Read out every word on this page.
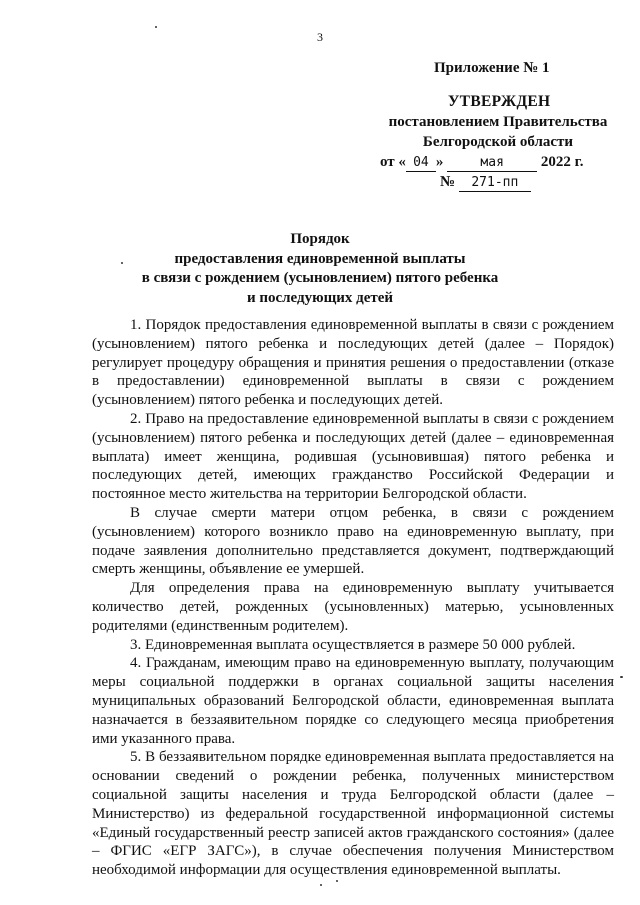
3
Приложение № 1
УТВЕРЖДЕН
постановлением Правительства
Белгородской области
от « 04 »	мая 2022 г.
№ 271-пп
Порядок
предоставления единовременной выплаты
в связи с рождением (усыновлением) пятого ребенка
и последующих детей

1. Порядок предоставления единовременной выплаты в связи с рождением (усыновлением) пятого ребенка и последующих детей (далее – Порядок) регулирует процедуру обращения и принятия решения о предоставлении (отказе в предоставлении) единовременной выплаты в связи с рождением (усыновлением) пятого ребенка и последующих детей.

2. Право на предоставление единовременной выплаты в связи с рождением (усыновлением) пятого ребенка и последующих детей (далее – единовременная выплата) имеет женщина, родившая (усыновившая) пятого ребенка и последующих детей, имеющих гражданство Российской Федерации и постоянное место жительства на территории Белгородской области.

В случае смерти матери отцом ребенка, в связи с рождением (усыновлением) которого возникло право на единовременную выплату, при подаче заявления дополнительно представляется документ, подтверждающий смерть женщины, объявление ее умершей.

Для определения права на единовременную выплату учитывается количество детей, рожденных (усыновленных) матерью, усыновленных родителями (единственным родителем).

3. Единовременная выплата осуществляется в размере 50 000 рублей.

4. Гражданам, имеющим право на единовременную выплату, получающим меры социальной поддержки в органах социальной защиты населения муниципальных образований Белгородской области, единовременная выплата назначается в беззаявительном порядке со следующего месяца приобретения ими указанного права.

5. В беззаявительном порядке единовременная выплата предоставляется на основании сведений о рождении ребенка, полученных министерством социальной защиты населения и труда Белгородской области (далее – Министерство) из федеральной государственной информационной системы «Единый государственный реестр записей актов гражданского состояния» (далее – ФГИС «ЕГР ЗАГС»), в случае обеспечения получения Министерством необходимой информации для осуществления единовременной выплаты.
